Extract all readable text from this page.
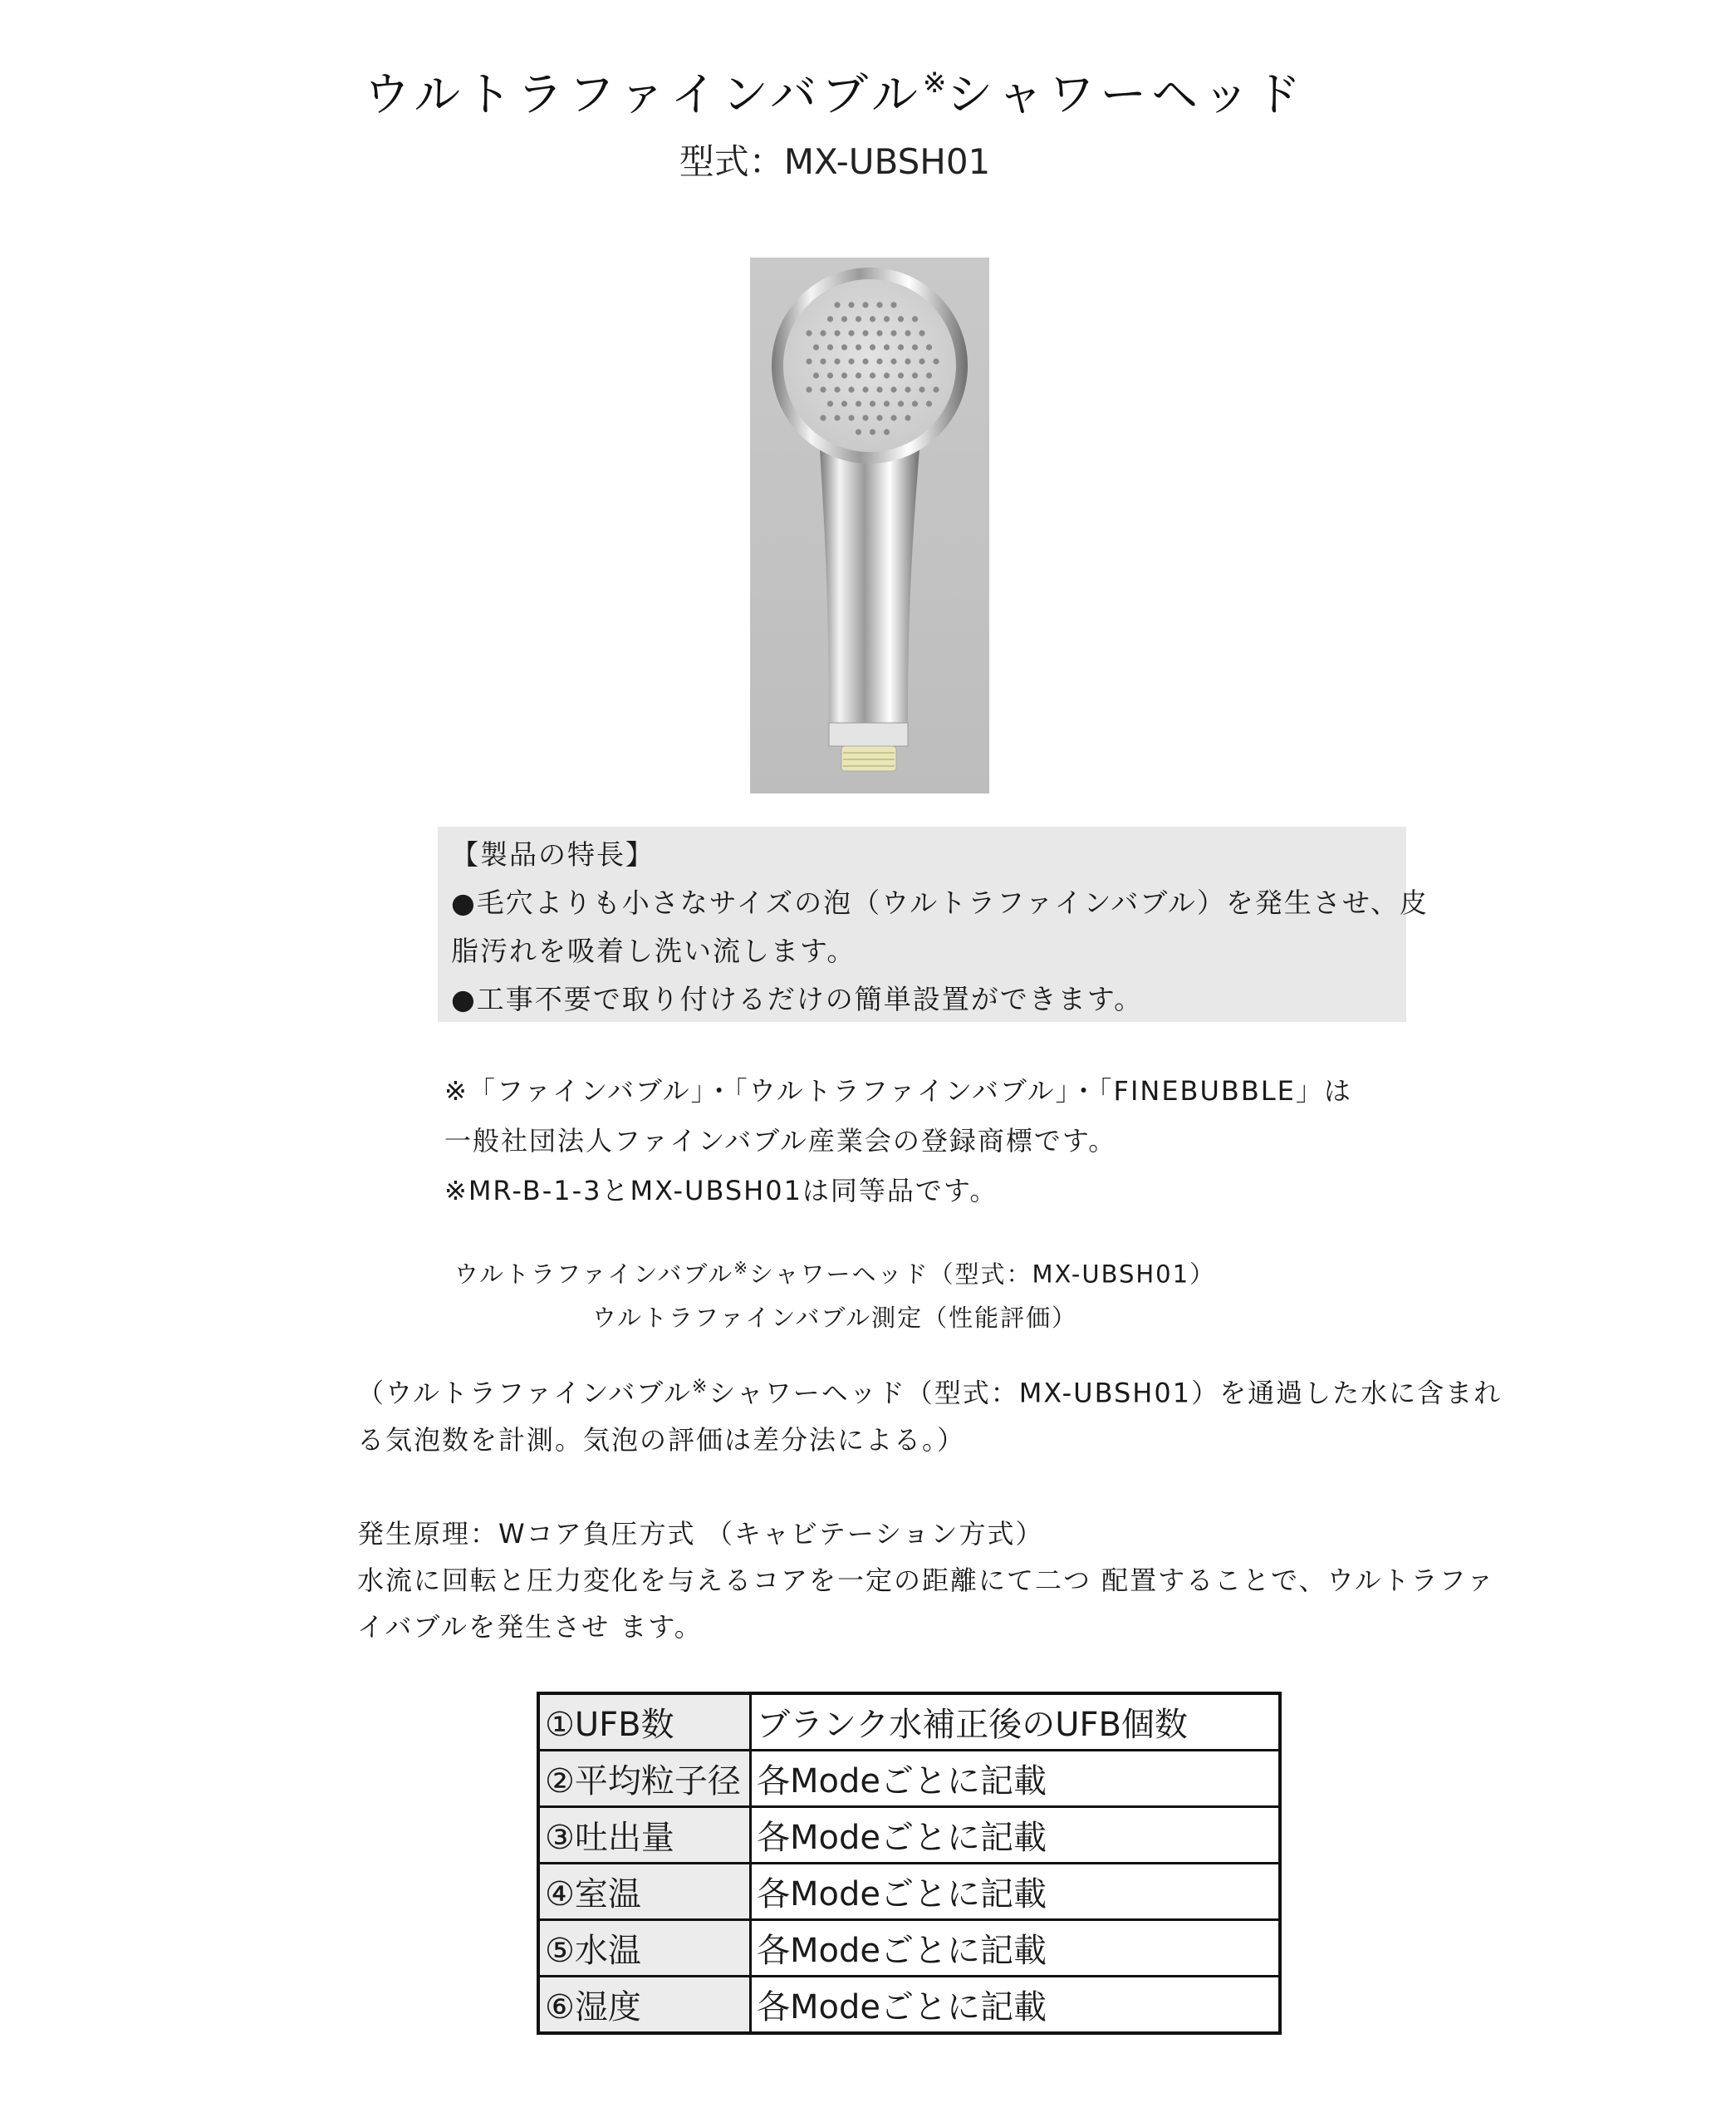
ウルトラファインバブル※シャワーヘッド
型式：MX-UBSH01
【製品の特長】
●毛穴よりも小さなサイズの泡（ウルトラファインバブル）を発生させ、皮
脂汚れを吸着し洗い流します。
●工事不要で取り付けるだけの簡単設置ができます。
※「ファインバブル」・「ウルトラファインバブル」・「FINEBUBBLE」は
一般社団法人ファインバブル産業会の登録商標です。
※MR-B-1-3とMX-UBSH01は同等品です。
ウルトラファインバブル※シャワーヘッド（型式：MX-UBSH01）
ウルトラファインバブル測定（性能評価）
（ウルトラファインバブル※シャワーヘッド（型式：MX-UBSH01）を通過した水に含まれ
る気泡数を計測。気泡の評価は差分法による。）
発生原理：Wコア負圧方式 （キャビテーション方式）
水流に回転と圧力変化を与えるコアを一定の距離にて二つ 配置することで、ウルトラファ
イバブルを発生させ ます。
①UFB数	ブランク水補正後のUFB個数
②平均粒子径	各Modeごとに記載
③吐出量	各Modeごとに記載
④室温	各Modeごとに記載
⑤水温	各Modeごとに記載
⑥湿度	各Modeごとに記載
